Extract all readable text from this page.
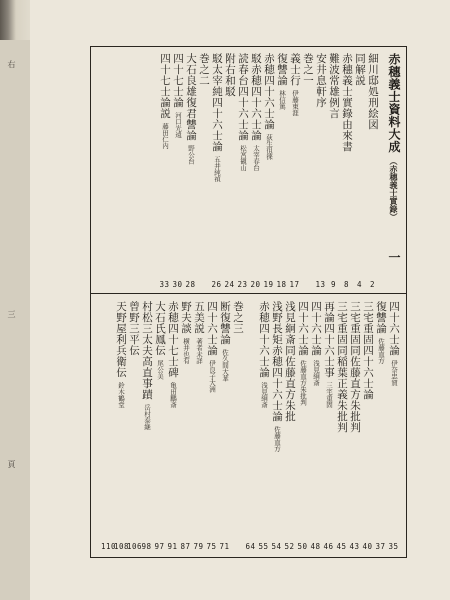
右
三
頁
赤穗義士資料大成（赤穗義士實錄）一
細川邸処刑絵図
2
同解説
4
赤穗義士實錄由來書
8
難波常雄例言
9
安井息軒序
13
巻之一
義士行伊藤東涯
17
復讐論林信篤
18
赤穂四十六士論荻生徂徠
19
駁赤穂四十六士論太宰春台
20
読春台四十六士論松宮観山
23
附右和駁
24
駁太宰純四十六士論五井純禎
26
巻之二
大石良雄復君讐論野公台
28
四十七士論河口光遠
30
四十七士論説藤田仁内
33
四十六士論伊奈忠賀
35
復讐論佐藤直方
37
三宅重固四十六士論
40
三宅重固同佐藤直方朱批判
43
三宅重固同稲葉正義朱批判
45
再論四十六士事三宅重固
46
四十六士論浅見絅斎
48
四十六士論佐藤直方朱批判
50
浅見絅斎同佐藤直方朱批
52
浅野長矩赤穂四十六士論佐藤直方
54
赤穂四十六士論浅見絅斎
55
64
巻之三
断復讐論佐久間大華
71
四十六士論伊良子大洲
75
五美説著者未詳
79
野夫談横井也有
87
赤穂四十七士碑亀田鵬斎
91
大石氏鳳伝尾公美
97
村松三太夫高直事蹟岳村泰継
98
曾野三平伝
106
天野屋利兵衛伝鈴木鶴堂
108
110
